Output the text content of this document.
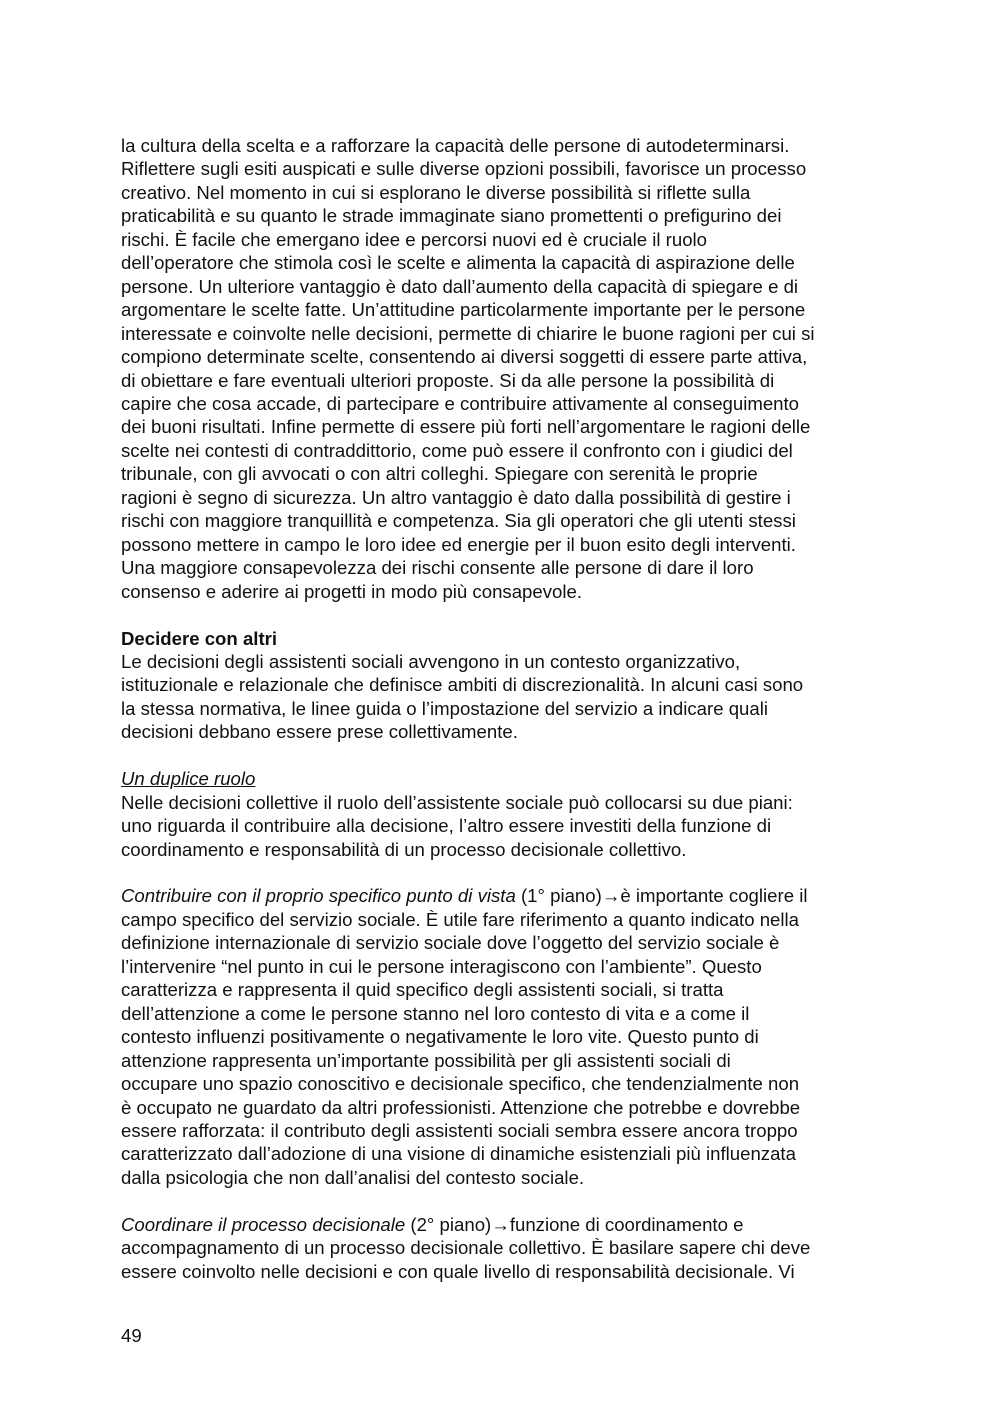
la cultura della scelta e a rafforzare la capacità delle persone di autodeterminarsi.
Riflettere sugli esiti auspicati e sulle diverse opzioni possibili, favorisce un processo
creativo. Nel momento in cui si esplorano le diverse possibilità si riflette sulla
praticabilità e su quanto le strade immaginate siano promettenti o prefigurino dei
rischi. È facile che emergano idee e percorsi nuovi ed è cruciale il ruolo
dell’operatore che stimola così le scelte e alimenta la capacità di aspirazione delle
persone. Un ulteriore vantaggio è dato dall’aumento della capacità di spiegare e di
argomentare le scelte fatte. Un’attitudine particolarmente importante per le persone
interessate e coinvolte nelle decisioni, permette di chiarire le buone ragioni per cui si
compiono determinate scelte, consentendo ai diversi soggetti di essere parte attiva,
di obiettare e fare eventuali ulteriori proposte. Si da alle persone la possibilità di
capire che cosa accade, di partecipare e contribuire attivamente al conseguimento
dei buoni risultati. Infine permette di essere più forti nell’argomentare le ragioni delle
scelte nei contesti di contraddittorio, come può essere il confronto con i giudici del
tribunale, con gli avvocati o con altri colleghi. Spiegare con serenità le proprie
ragioni è segno di sicurezza. Un altro vantaggio è dato dalla possibilità di gestire i
rischi con maggiore tranquillità e competenza. Sia gli operatori che gli utenti stessi
possono mettere in campo le loro idee ed energie per il buon esito degli interventi.
Una maggiore consapevolezza dei rischi consente alle persone di dare il loro
consenso e aderire ai progetti in modo più consapevole.
Decidere con altri
Le decisioni degli assistenti sociali avvengono in un contesto organizzativo,
istituzionale e relazionale che definisce ambiti di discrezionalità. In alcuni casi sono
la stessa normativa, le linee guida o l’impostazione del servizio a indicare quali
decisioni debbano essere prese collettivamente.
Un duplice ruolo
Nelle decisioni collettive il ruolo dell’assistente sociale può collocarsi su due piani:
uno riguarda il contribuire alla decisione, l’altro essere investiti della funzione di
coordinamento e responsabilità di un processo decisionale collettivo.
Contribuire con il proprio specifico punto di vista (1° piano)→è importante cogliere il
campo specifico del servizio sociale. È utile fare riferimento a quanto indicato nella
definizione internazionale di servizio sociale dove l’oggetto del servizio sociale è
l’intervenire “nel punto in cui le persone interagiscono con l’ambiente”. Questo
caratterizza e rappresenta il quid specifico degli assistenti sociali, si tratta
dell’attenzione a come le persone stanno nel loro contesto di vita e a come il
contesto influenzi positivamente o negativamente le loro vite. Questo punto di
attenzione rappresenta un’importante possibilità per gli assistenti sociali di
occupare uno spazio conoscitivo e decisionale specifico, che tendenzialmente non
è occupato ne guardato da altri professionisti. Attenzione che potrebbe e dovrebbe
essere rafforzata: il contributo degli assistenti sociali sembra essere ancora troppo
caratterizzato dall’adozione di una visione di dinamiche esistenziali più influenzata
dalla psicologia che non dall’analisi del contesto sociale.
Coordinare il processo decisionale (2° piano)→funzione di coordinamento e
accompagnamento di un processo decisionale collettivo. È basilare sapere chi deve
essere coinvolto nelle decisioni e con quale livello di responsabilità decisionale. Vi
49
